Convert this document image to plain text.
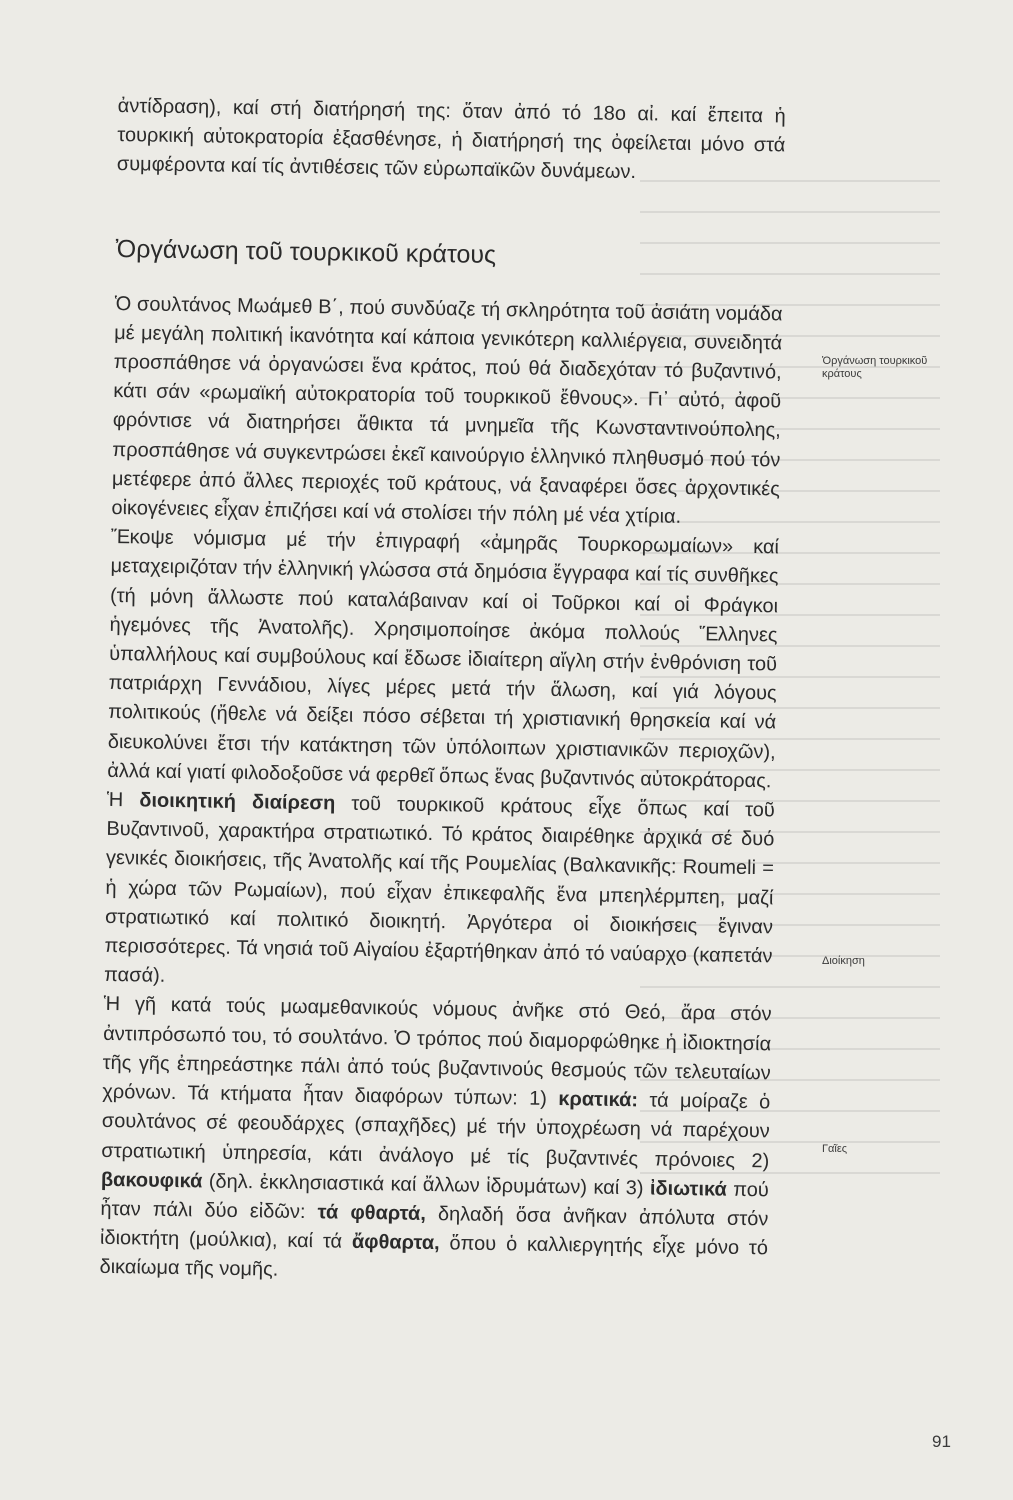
ἀντίδραση), καί στή διατήρησή της: ὅταν ἀπό τό 18ο αἰ. καί ἔπειτα ἡ τουρκική αὐτοκρατορία ἐξασθένησε, ἡ διατήρησή της ὀφείλεται μόνο στά συμφέροντα καί τίς ἀντιθέσεις τῶν εὐρωπαϊκῶν δυνάμεων.

Ὀργάνωση τοῦ τουρκικοῦ κράτους

Ὁ σουλτάνος Μωάμεθ Β΄, πού συνδύαζε τή σκληρότητα τοῦ ἀσιάτη νομάδα μέ μεγάλη πολιτική ἱκανότητα καί κάποια γενικότερη καλλιέργεια, συνειδητά προσπάθησε νά ὀργανώσει ἕνα κράτος, πού θά διαδεχόταν τό βυζαντινό, κάτι σάν «ρωμαϊκή αὐτοκρατορία τοῦ τουρκικοῦ ἔθνους». Γι᾽ αὐτό, ἀφοῦ φρόντισε νά διατηρήσει ἄθικτα τά μνημεῖα τῆς Κωνσταντινούπολης, προσπάθησε νά συγκεντρώσει ἐκεῖ καινούργιο ἑλληνικό πληθυσμό πού τόν μετέφερε ἀπό ἄλλες περιοχές τοῦ κράτους, νά ξαναφέρει ὅσες ἀρχοντικές οἰκογένειες εἶχαν ἐπιζήσει καί νά στολίσει τήν πόλη μέ νέα χτίρια.

Ἔκοψε νόμισμα μέ τήν ἐπιγραφή «ἀμηρᾶς Τουρκορωμαίων» καί μεταχειριζόταν τήν ἑλληνική γλώσσα στά δημόσια ἔγγραφα καί τίς συνθῆκες (τή μόνη ἄλλωστε πού καταλάβαιναν καί οἱ Τοῦρκοι καί οἱ Φράγκοι ἡγεμόνες τῆς Ἀνατολῆς). Χρησιμοποίησε ἀκόμα πολλούς Ἕλληνες ὑπαλλήλους καί συμβούλους καί ἔδωσε ἰδιαίτερη αἴγλη στήν ἐνθρόνιση τοῦ πατριάρχη Γεννάδιου, λίγες μέρες μετά τήν ἅλωση, καί γιά λόγους πολιτικούς (ἤθελε νά δείξει πόσο σέβεται τή χριστιανική θρησκεία καί νά διευκολύνει ἔτσι τήν κατάκτηση τῶν ὑπόλοιπων χριστιανικῶν περιοχῶν), ἀλλά καί γιατί φιλοδοξοῦσε νά φερθεῖ ὅπως ἕνας βυζαντινός αὐτοκράτορας.

Ἡ διοικητική διαίρεση τοῦ τουρκικοῦ κράτους εἶχε ὅπως καί τοῦ Βυζαντινοῦ, χαρακτήρα στρατιωτικό. Τό κράτος διαιρέθηκε ἀρχικά σέ δυό γενικές διοικήσεις, τῆς Ἀνατολῆς καί τῆς Ρουμελίας (Βαλκανικῆς: Roumeli = ἡ χώρα τῶν Ρωμαίων), πού εἶχαν ἐπικεφαλῆς ἕνα μπεηλέρμπεη, μαζί στρατιωτικό καί πολιτικό διοικητή. Ἀργότερα οἱ διοικήσεις ἔγιναν περισσότερες. Τά νησιά τοῦ Αἰγαίου ἐξαρτήθηκαν ἀπό τό ναύαρχο (καπετάν πασά).

Ἡ γῆ κατά τούς μωαμεθανικούς νόμους ἀνῆκε στό Θεό, ἄρα στόν ἀντιπρόσωπό του, τό σουλτάνο. Ὁ τρόπος πού διαμορφώθηκε ἡ ἰδιοκτησία τῆς γῆς ἐπηρεάστηκε πάλι ἀπό τούς βυζαντινούς θεσμούς τῶν τελευταίων χρόνων. Τά κτήματα ἦταν διαφόρων τύπων: 1) κρατικά: τά μοίραζε ὁ σουλτάνος σέ φεουδάρχες (σπαχῆδες) μέ τήν ὑποχρέωση νά παρέχουν στρατιωτική ὑπηρεσία, κάτι ἀνάλογο μέ τίς βυζαντινές πρόνοιες 2) βακουφικά (δηλ. ἐκκλησιαστικά καί ἄλλων ἱδρυμάτων) καί 3) ἰδιωτικά πού ἦταν πάλι δύο εἰδῶν: τά φθαρτά, δηλαδή ὅσα ἀνῆκαν ἀπόλυτα στόν ἰδιοκτήτη (μούλκια), καί τά ἄφθαρτα, ὅπου ὁ καλλιεργητής εἶχε μόνο τό δικαίωμα τῆς νομῆς.

Ὀργάνωση τουρκικοῦ κράτους
Διοίκηση
Γαῖες
91
